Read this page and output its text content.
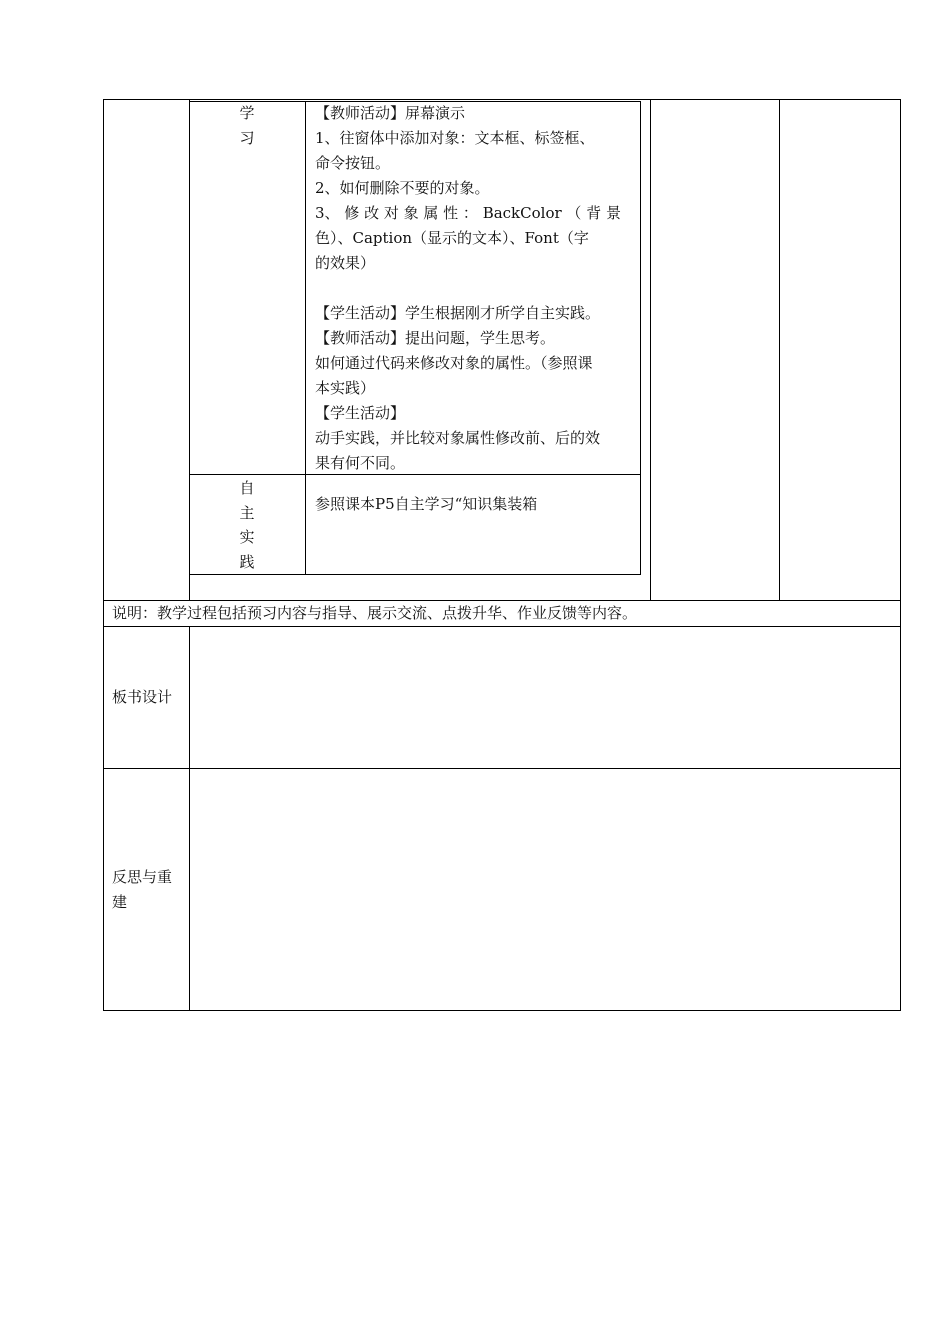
学
习
【教师活动】屏幕演示
1、往窗体中添加对象：文本框、标签框、
命令按钮。
2、如何删除不要的对象。
3、 修 改 对 象 属 性 ： BackColor （ 背 景
色）、Caption（显示的文本）、Font（字
的效果）
【学生活动】学生根据刚才所学自主实践。
【教师活动】提出问题，学生思考。
如何通过代码来修改对象的属性。（参照课
本实践）
【学生活动】
动手实践，并比较对象属性修改前、后的效
果有何不同。
自
主
实
践
参照课本P5自主学习“知识集装箱
说明：教学过程包括预习内容与指导、展示交流、点拨升华、作业反馈等内容。
板书设计
反思与重
建
